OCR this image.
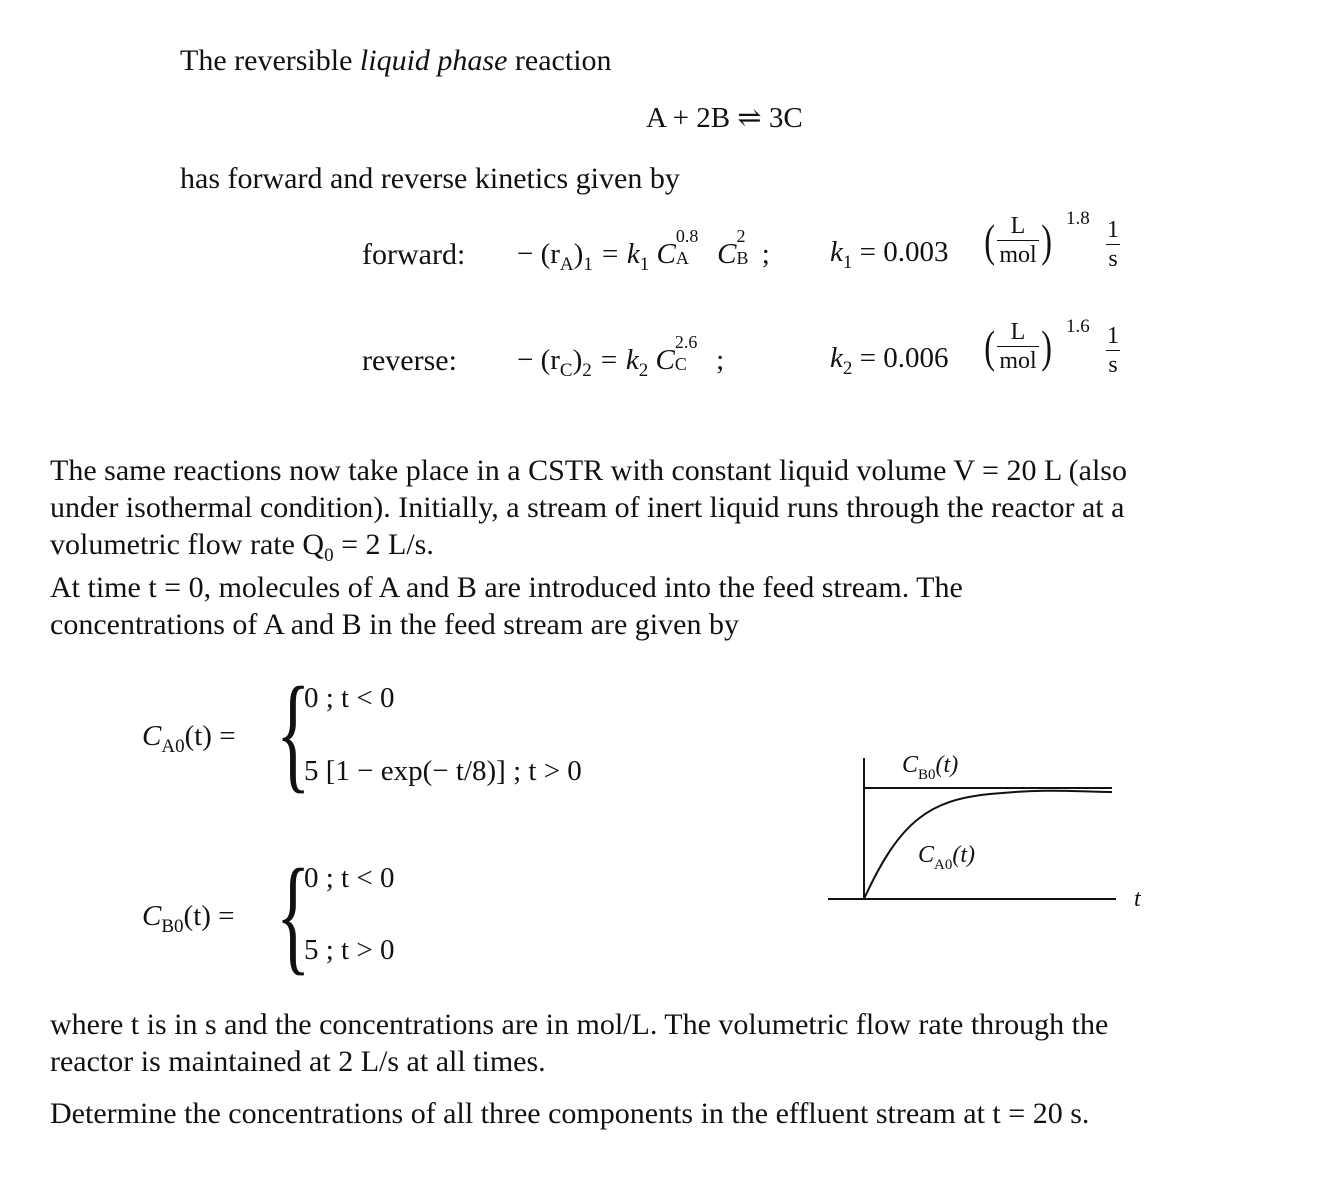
The reversible liquid phase reaction
A + 2B ⇌ 3C
has forward and reverse kinetics given by
forward: − $(r_A)_1 = k_1$ C
0.8
A C
2
B ; $k_1 = 0.003$ ( $\frac{L}{\text{mol}}$ ) $1.8 \frac{1}{s}$
reverse: − $(r_C)_2 = k_2$ C
2.6
C ;	$k_2 = 0.006$ ( $\frac{L}{\text{mol}}$ ) $1.6 \frac{1}{s}$
The same reactions now take place in a CSTR with constant liquid volume V = 20 L (also
under isothermal condition). Initially, a stream of inert liquid runs through the reactor at a
volumetric flow rate $Q_0 = 2$ L/s.
At time t = 0, molecules of A and B are introduced into the feed stream. The
concentrations of A and B in the feed stream are given by
$C_{A0}(t)$ = {
0 ; t < 0
5 [1 − exp(− t/8)] ; t > 0
$C_{B0}(t)$ = {
0 ; t < 0
5 ; t > 0
$C_{B0}(t)$
$C_{A0}(t)$
t
where t is in s and the concentrations are in mol/L. The volumetric flow rate through the
reactor is maintained at 2 L/s at all times.
Determine the concentrations of all three components in the effluent stream at t = 20 s.
